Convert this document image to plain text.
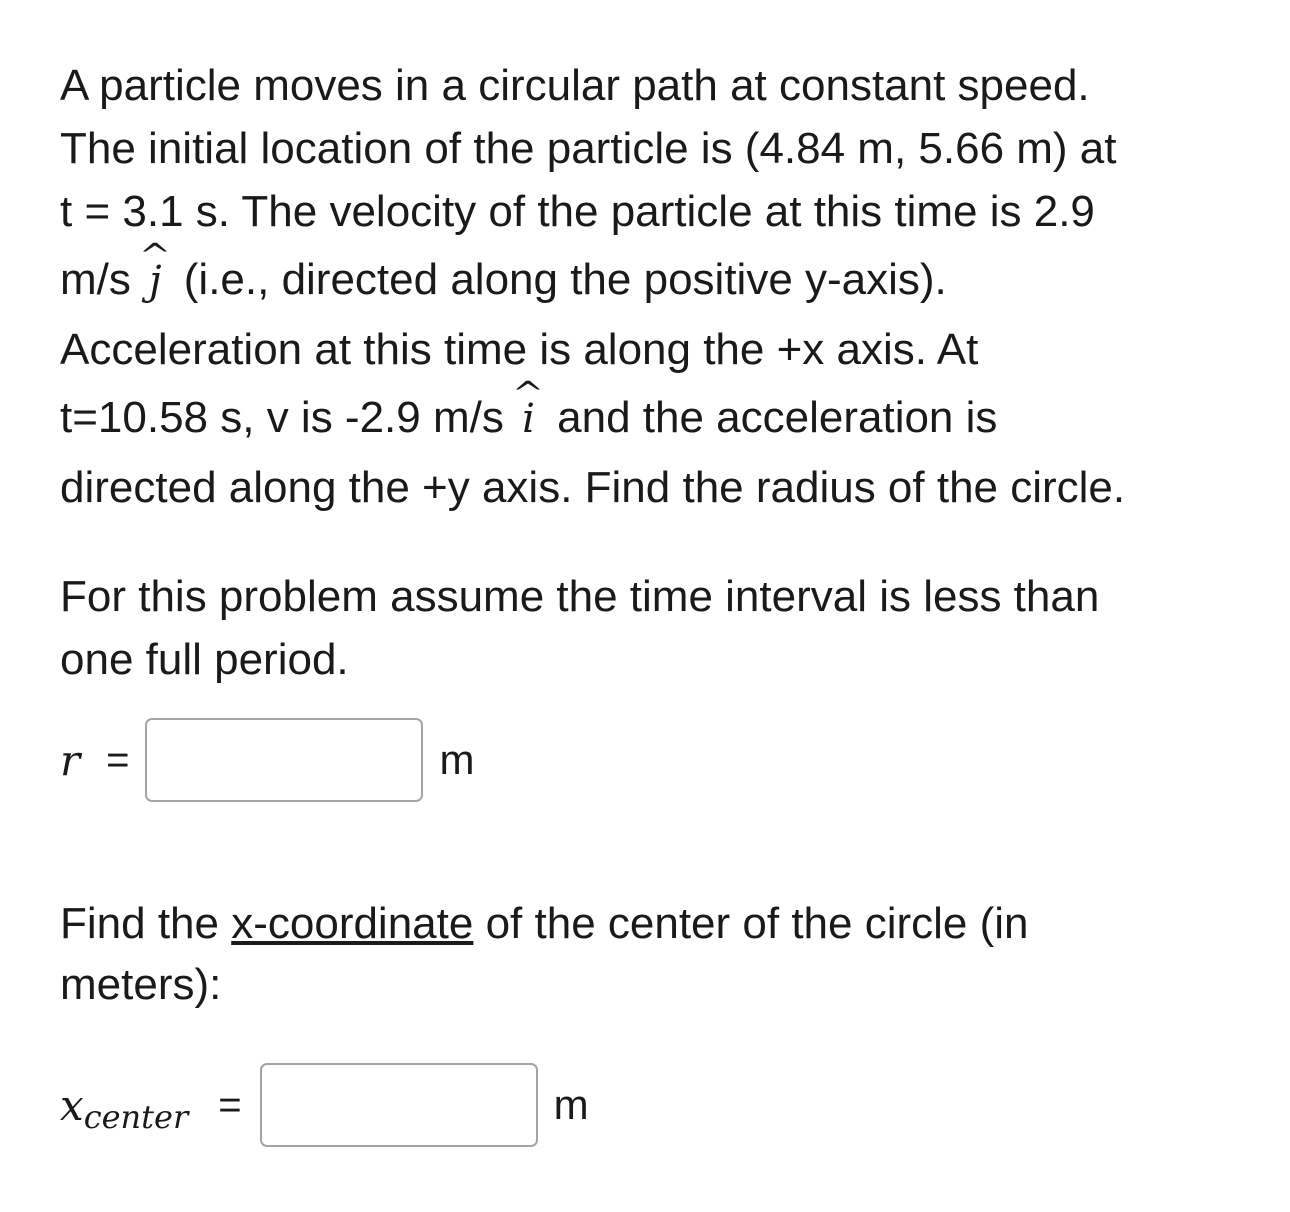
A particle moves in a circular path at constant speed.
The initial location of the particle is (4.84 m, 5.66 m) at
t = 3.1 s. The velocity of the particle at this time is 2.9
m/s ^ j (i.e., directed along the positive y-axis).
Acceleration at this time is along the +x axis. At
t=10.58 s, v is -2.9 m/s ^ i and the acceleration is
directed along the +y axis. Find the radius of the circle.

For this problem assume the time interval is less than
one full period.

r =	m

Find the x-coordinate of the center of the circle (in
meters):

x center =	m
